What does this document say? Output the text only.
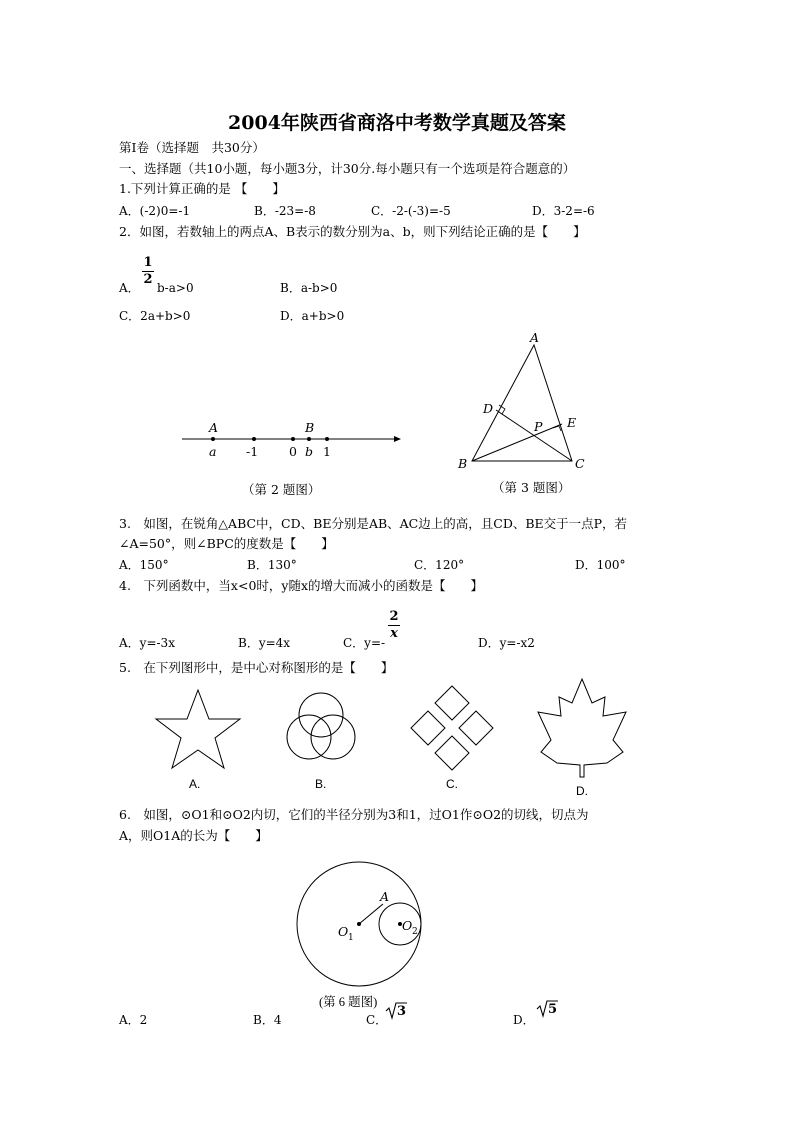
2004年陕西省商洛中考数学真题及答案
第Ⅰ卷（选择题　共30分）
一、选择题（共10小题，每小题3分，计30分.每小题只有一个选项是符合题意的）
1.下列计算正确的是 【　　】
A．(-2)0=-1	B．-23=-8	C．-2-(-3)=-5	D．3-2=-6
2．如图，若数轴上的两点A、B表示的数分别为a、b，则下列结论正确的是【　　】
A．
1
2
b-a>0	B．a-b>0
C．2a+b>0	D．a+b>0
A	B
a -1 0 b 1
（第 2 题图）
A
D
E
P
B	C
（第 3 题图）
3.　如图，在锐角△ABC中，CD、BE分别是AB、AC边上的高，且CD、BE交于一点P，若
∠A=50°，则∠BPC的度数是【　　】
A．150°	B．130°	C．120°	D．100°
4.　下列函数中，当x<0时，y随x的增大而减小的函数是【　　】
A．y=-3x	B．y=4x	C．y=-
2
x
D．y=-x2
5.　在下列图形中，是中心对称图形的是【　　】
A.	B.	C.	D.
6.　如图，⊙O1和⊙O2内切，它们的半径分别为3和1，过O1作⊙O2的切线，切点为
A，则O1A的长为【　　】
A
O 1
O 2
(第 6 题图)
A．2	B．4	C．	D．
3	5
